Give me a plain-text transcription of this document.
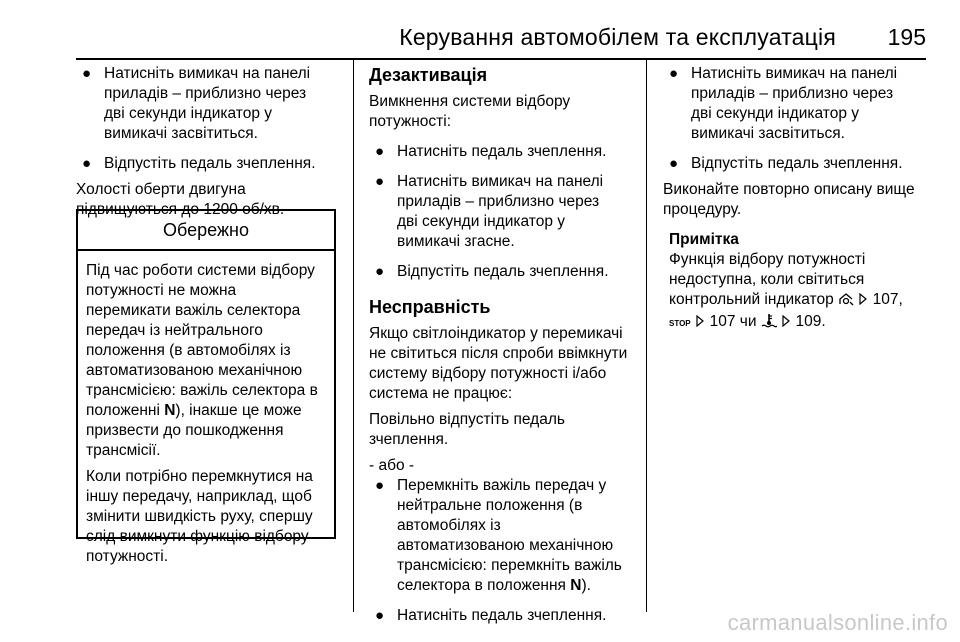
Керування автомобілем та експлуатація 195
● Натисніть вимикач на панелі

приладів – приблизно через

дві секунди індикатор у

вимикачі засвітиться.

● Відпустіть педаль зчеплення.

Холості оберти двигуна

підвищуються до 1200 об/хв.

Обережно

Під час роботи системи відбору

потужності не можна

перемикати важіль селектора

передач із нейтрального

положення (в автомобілях із

автоматизованою механічною

трансмісією: важіль селектора в

положенні N), інакше це може

призвести до пошкодження

трансмісії.

Коли потрібно перемкнутися на

іншу передачу, наприклад, щоб

змінити швидкість руху, спершу

слід вимкнути функцію відбору

потужності.

Дезактивація

Вимкнення системи відбору

потужності:

● Натисніть педаль зчеплення.

● Натисніть вимикач на панелі

приладів – приблизно через

дві секунди індикатор у

вимикачі згасне.

● Відпустіть педаль зчеплення.

Несправність

Якщо світлоіндикатор у перемикачі

не світиться після спроби ввімкнути

систему відбору потужності і/або

система не працює:

Повільно відпустіть педаль

зчеплення.

- або -

● Перемкніть важіль передач у

нейтральне положення (в

автомобілях із

автоматизованою механічною

трансмісією: перемкніть важіль

селектора в положення N).

● Натисніть педаль зчеплення.

● Натисніть вимикач на панелі

приладів – приблизно через

дві секунди індикатор у

вимикачі засвітиться.

● Відпустіть педаль зчеплення.

Виконайте повторно описану вище

процедуру.

Примітка

Функція відбору потужності

недоступна, коли світиться

контрольний індикатор   107,

STOP 107 чи	109.

carmanualsonline.info
